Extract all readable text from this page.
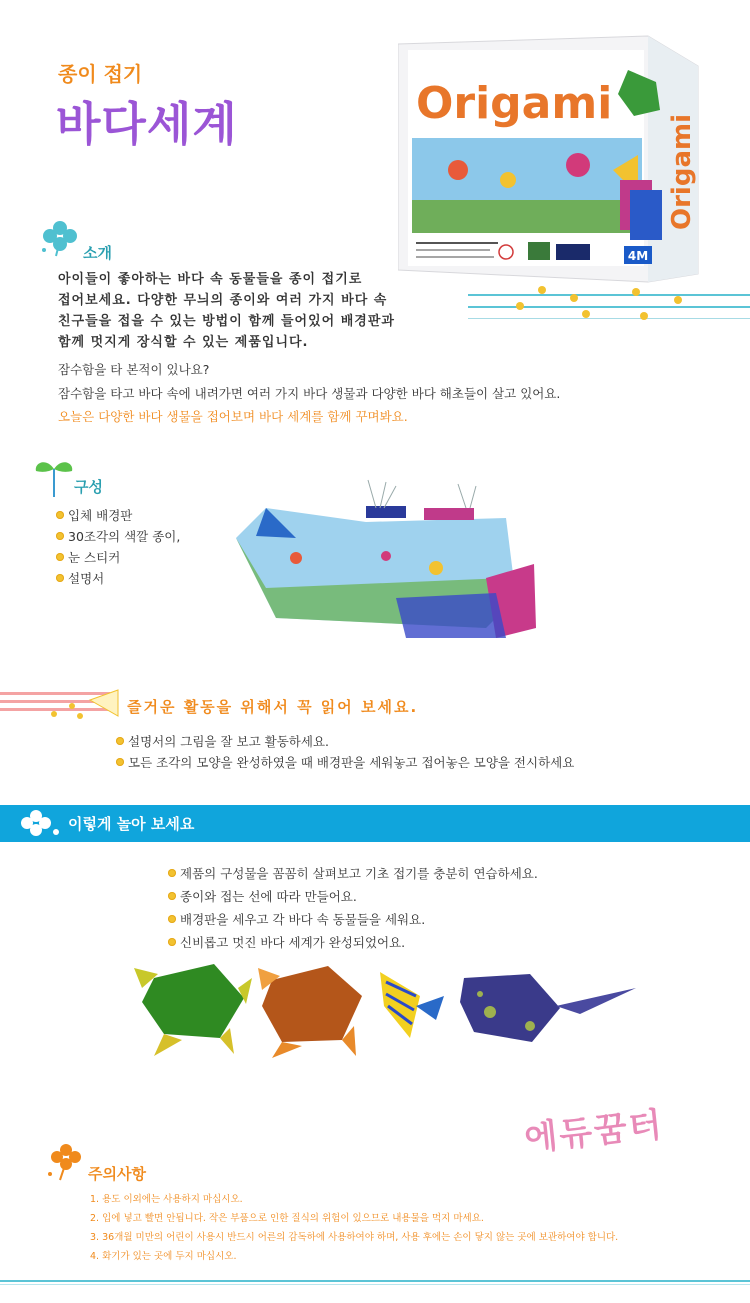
종이 접기
바다세계	Origami
Origami
4M
소개
아이들이 좋아하는 바다 속 동물들을 종이 접기로
접어보세요. 다양한 무늬의 종이와 여러 가지 바다 속
친구들을 접을 수 있는 방법이 함께 들어있어 배경판과
함께 멋지게 장식할 수 있는 제품입니다.
잠수함을 타 본적이 있나요?
잠수함을 타고 바다 속에 내려가면 여러 가지 바다 생물과 다양한 바다 해초들이 살고 있어요.
오늘은 다양한 바다 생물을 접어보며 바다 세계를 함께 꾸며봐요.
구성
입체 배경판
30조각의 색깔 종이,
눈 스티커
설명서
즐거운 활동을 위해서 꼭 읽어 보세요.
설명서의 그림을 잘 보고 활동하세요.
모든 조각의 모양을 완성하였을 때 배경판을 세워놓고 접어놓은 모양을 전시하세요
이렇게 놀아 보세요
제품의 구성물을 꼼꼼히 살펴보고 기초 접기를 충분히 연습하세요.
종이와 접는 선에 따라 만들어요.
배경판을 세우고 각 바다 속 동물들을 세워요.
신비롭고 멋진 바다 세계가 완성되었어요.
에듀꿈터
주의사항
1. 용도 이외에는 사용하지 마십시오.
2. 입에 넣고 빨면 안됩니다. 작은 부품으로 인한 질식의 위험이 있으므로 내용물을 먹지 마세요.
3. 36개월 미만의 어린이 사용시 반드시 어른의 감독하에 사용하여야 하며, 사용 후에는 손이 닿지 않는 곳에 보관하여야 합니다.
4. 화기가 있는 곳에 두지 마십시오.
